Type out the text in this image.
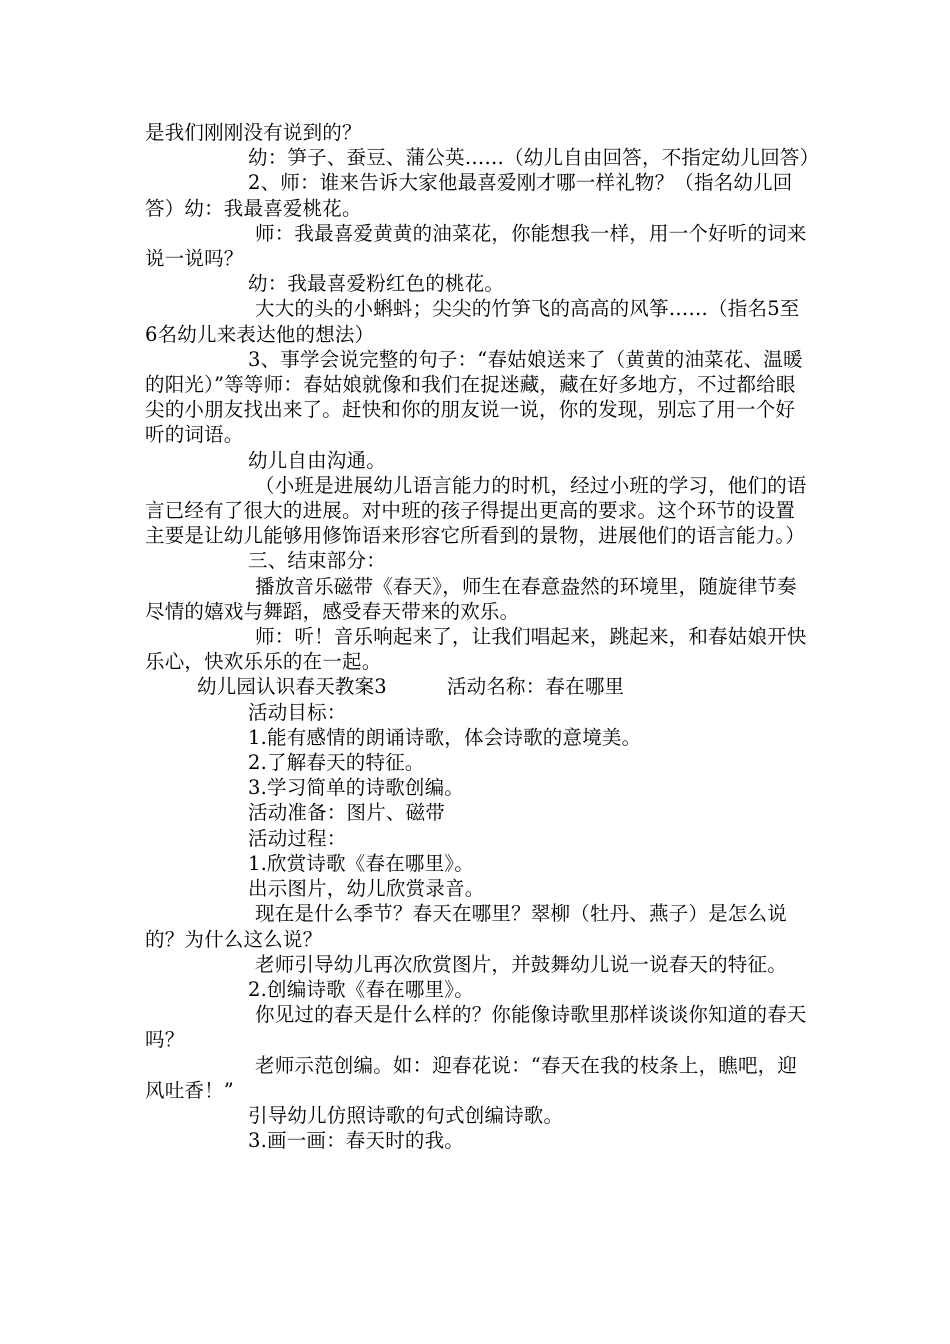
是我们刚刚没有说到的？

幼：笋子、蚕豆、蒲公英……（幼儿自由回答，不指定幼儿回答）

2、师：谁来告诉大家他最喜爱刚才哪一样礼物？（指名幼儿回答）幼：我最喜爱桃花。

师：我最喜爱黄黄的油菜花，你能想我一样，用一个好听的词来说一说吗？

幼：我最喜爱粉红色的桃花。

大大的头的小蝌蚪；尖尖的竹笋飞的高高的风筝……（指名5至6名幼儿来表达他的想法）

3、事学会说完整的句子：“春姑娘送来了（黄黄的油菜花、温暖的阳光）”等等师：春姑娘就像和我们在捉迷藏，藏在好多地方，不过都给眼尖的小朋友找出来了。赶快和你的朋友说一说，你的发现，别忘了用一个好听的词语。

幼儿自由沟通。

（小班是进展幼儿语言能力的时机，经过小班的学习，他们的语言已经有了很大的进展。对中班的孩子得提出更高的要求。这个环节的设置主要是让幼儿能够用修饰语来形容它所看到的景物，进展他们的语言能力。）

三、结束部分：

播放音乐磁带《春天》，师生在春意盎然的环境里，随旋律节奏尽情的嬉戏与舞蹈，感受春天带来的欢乐。

师：听！音乐响起来了，让我们唱起来，跳起来，和春姑娘开快乐心，快欢乐乐的在一起。

幼儿园认识春天教案3	活动名称：春在哪里

活动目标：

1.能有感情的朗诵诗歌，体会诗歌的意境美。

2.了解春天的特征。

3.学习简单的诗歌创编。

活动准备：图片、磁带

活动过程：

1.欣赏诗歌《春在哪里》。

出示图片，幼儿欣赏录音。

现在是什么季节？春天在哪里？翠柳（牡丹、燕子）是怎么说的？为什么这么说？

老师引导幼儿再次欣赏图片，并鼓舞幼儿说一说春天的特征。

2.创编诗歌《春在哪里》。

你见过的春天是什么样的？你能像诗歌里那样谈谈你知道的春天吗？

老师示范创编。如：迎春花说：“春天在我的枝条上，瞧吧，迎风吐香！”

引导幼儿仿照诗歌的句式创编诗歌。

3.画一画：春天时的我。
